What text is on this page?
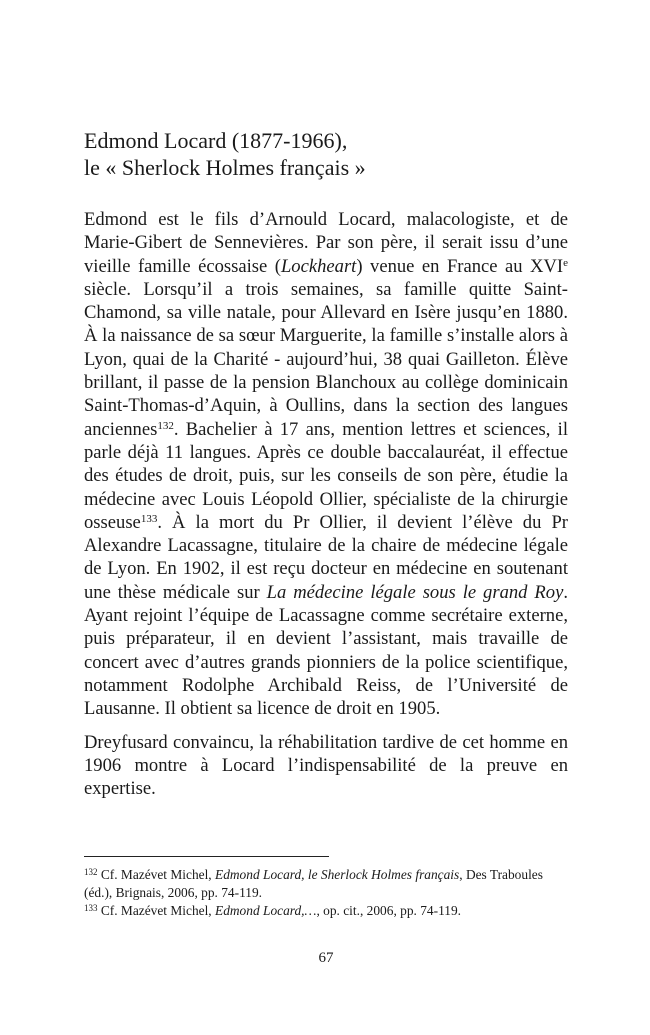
Edmond Locard (1877-1966),
le « Sherlock Holmes français »

Edmond est le fils d’Arnould Locard, malacologiste, et de Marie-Gibert de Sennevières. Par son père, il serait issu d’une vieille famille écossaise (Lockheart) venue en France au XVIe siècle. Lorsqu’il a trois semaines, sa famille quitte Saint-Chamond, sa ville natale, pour Allevard en Isère jusqu’en 1880. À la naissance de sa sœur Marguerite, la famille s’installe alors à Lyon, quai de la Charité - aujourd’hui, 38 quai Gailleton. Élève brillant, il passe de la pension Blanchoux au collège dominicain Saint-Thomas-d’Aquin, à Oullins, dans la section des langues anciennes$^{132}$. Bachelier à 17 ans, mention lettres et sciences, il parle déjà 11 langues. Après ce double baccalauréat, il effectue des études de droit, puis, sur les conseils de son père, étudie la médecine avec Louis Léopold Ollier, spécialiste de la chirurgie osseuse$^{133}$. À la mort du Pr Ollier, il devient l’élève du Pr Alexandre Lacassagne, titulaire de la chaire de médecine légale de Lyon. En 1902, il est reçu docteur en médecine en soutenant une thèse médicale sur La médecine légale sous le grand Roy. Ayant rejoint l’équipe de Lacassagne comme secrétaire externe, puis préparateur, il en devient l’assistant, mais travaille de concert avec d’autres grands pionniers de la police scientifique, notamment Rodolphe Archibald Reiss, de l’Université de Lausanne. Il obtient sa licence de droit en 1905.

Dreyfusard convaincu, la réhabilitation tardive de cet homme en 1906 montre à Locard l’indispensabilité de la preuve en expertise.

$^{132}$ Cf. Mazévet Michel, Edmond Locard, le Sherlock Holmes français, Des Traboules (éd.), Brignais, 2006, pp. 74-119.

$^{133}$ Cf. Mazévet Michel, Edmond Locard,…, op. cit., 2006, pp. 74-119.

67
